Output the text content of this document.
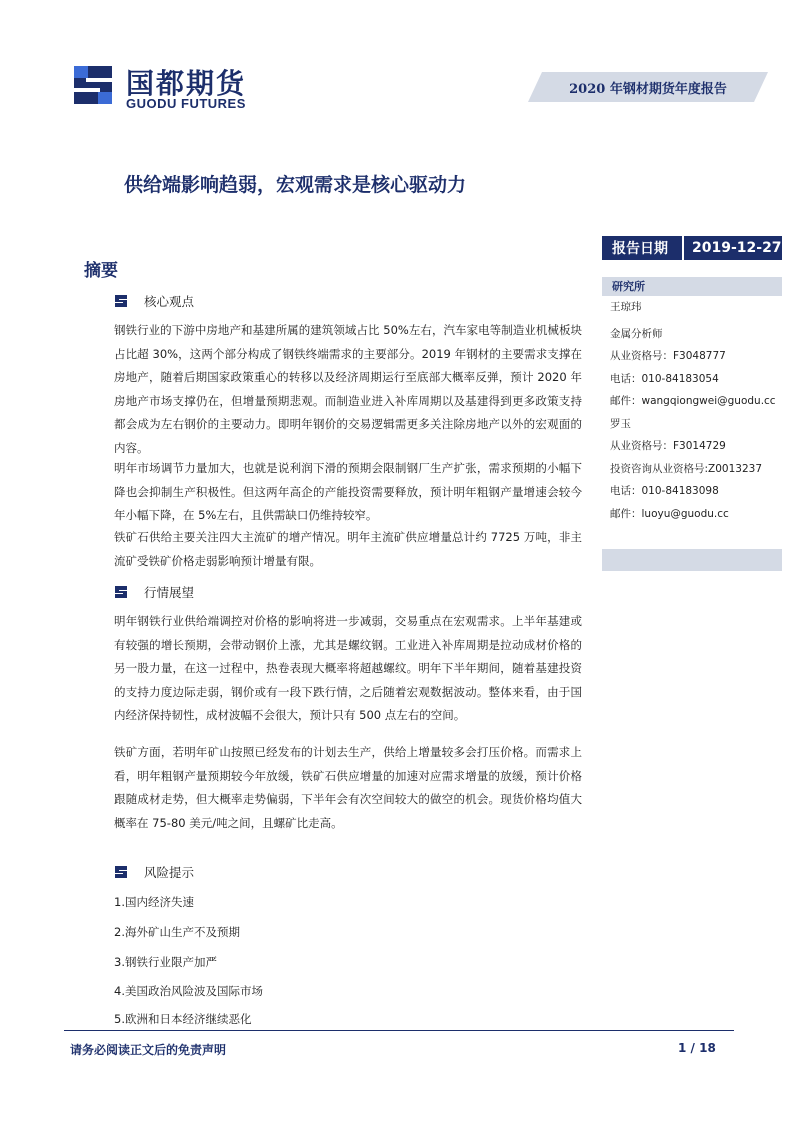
国都期货
GUODU FUTURES
2020 年钢材期货年度报告
供给端影响趋弱，宏观需求是核心驱动力
报告日期	2019-12-27
研究所
王琼玮
金属分析师
从业资格号：F3048777
电话：010-84183054
邮件：wangqiongwei@guodu.cc
罗玉
从业资格号：F3014729
投资咨询从业资格号:Z0013237
电话：010-84183098
邮件：luoyu@guodu.cc
摘要
核心观点
钢铁行业的下游中房地产和基建所属的建筑领域占比 50%左右，汽车家电等制造业机械板块占比超 30%，这两个部分构成了钢铁终端需求的主要部分。2019 年钢材的主要需求支撑在房地产，随着后期国家政策重心的转移以及经济周期运行至底部大概率反弹，预计 2020 年房地产市场支撑仍在，但增量预期悲观。而制造业进入补库周期以及基建得到更多政策支持都会成为左右钢价的主要动力。即明年钢价的交易逻辑需更多关注除房地产以外的宏观面的内容。
明年市场调节力量加大，也就是说利润下滑的预期会限制钢厂生产扩张，需求预期的小幅下降也会抑制生产积极性。但这两年高企的产能投资需要释放，预计明年粗钢产量增速会较今年小幅下降，在 5%左右，且供需缺口仍维持较窄。
铁矿石供给主要关注四大主流矿的增产情况。明年主流矿供应增量总计约 7725 万吨，非主流矿受铁矿价格走弱影响预计增量有限。
行情展望
明年钢铁行业供给端调控对价格的影响将进一步减弱，交易重点在宏观需求。上半年基建或有较强的增长预期，会带动钢价上涨，尤其是螺纹钢。工业进入补库周期是拉动成材价格的另一股力量，在这一过程中，热卷表现大概率将超越螺纹。明年下半年期间，随着基建投资的支持力度边际走弱，钢价或有一段下跌行情，之后随着宏观数据波动。整体来看，由于国内经济保持韧性，成材波幅不会很大，预计只有 500 点左右的空间。
铁矿方面，若明年矿山按照已经发布的计划去生产，供给上增量较多会打压价格。而需求上看，明年粗钢产量预期较今年放缓，铁矿石供应增量的加速对应需求增量的放缓，预计价格跟随成材走势，但大概率走势偏弱，下半年会有次空间较大的做空的机会。现货价格均值大概率在 75-80 美元/吨之间，且螺矿比走高。
风险提示
1.国内经济失速
2.海外矿山生产不及预期
3.钢铁行业限产加严
4.美国政治风险波及国际市场
5.欧洲和日本经济继续恶化
请务必阅读正文后的免责声明	1 / 18
